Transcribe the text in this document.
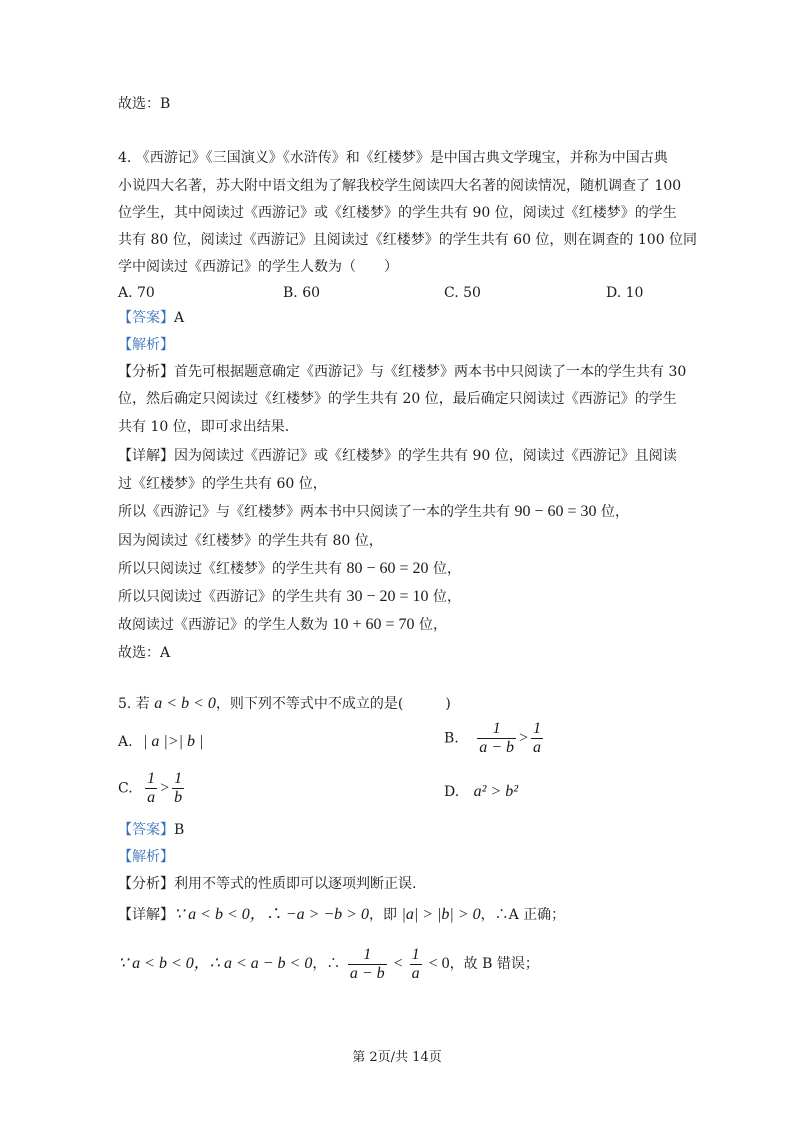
故选：B
4. 《西游记》《三国演义》《水浒传》和《红楼梦》是中国古典文学瑰宝，并称为中国古典
小说四大名著，苏大附中语文组为了解我校学生阅读四大名著的阅读情况，随机调查了 100
位学生，其中阅读过《西游记》或《红楼梦》的学生共有 90 位，阅读过《红楼梦》的学生
共有 80 位，阅读过《西游记》且阅读过《红楼梦》的学生共有 60 位，则在调查的 100 位同
学中阅读过《西游记》的学生人数为（　　）
A. 70	B. 60	C. 50	D. 10
【答案】A
【解析】
【分析】首先可根据题意确定《西游记》与《红楼梦》两本书中只阅读了一本的学生共有 30
位，然后确定只阅读过《红楼梦》的学生共有 20 位，最后确定只阅读过《西游记》的学生
共有 10 位，即可求出结果.
【详解】因为阅读过《西游记》或《红楼梦》的学生共有 90 位，阅读过《西游记》且阅读
过《红楼梦》的学生共有 60 位，
所以《西游记》与《红楼梦》两本书中只阅读了一本的学生共有 90 − 60 = 30 位，
因为阅读过《红楼梦》的学生共有 80 位，
所以只阅读过《红楼梦》的学生共有 80 − 60 = 20 位，
所以只阅读过《西游记》的学生共有 30 − 20 = 10 位，
故阅读过《西游记》的学生人数为 10 + 60 = 70 位，
故选：A
5. 若 a < b < 0，则下列不等式中不成立的是(　　　)
A. | a |>| b |	B. $\frac{1}{a - b} > \frac{1}{a}$
C. $\frac{1}{a} > \frac{1}{b}$	D. a² > b²
【答案】B
【解析】
【分析】利用不等式的性质即可以逐项判断正误.
【详解】∵ a < b < 0，∴ −a > −b > 0，即 |a| > |b| > 0，∴A 正确；
∵ a < b < 0，∴ a < a − b < 0，∴ $\frac{1}{a - b} < \frac{1}{a} < 0$，故 B 错误；
第 2页/共 14页
